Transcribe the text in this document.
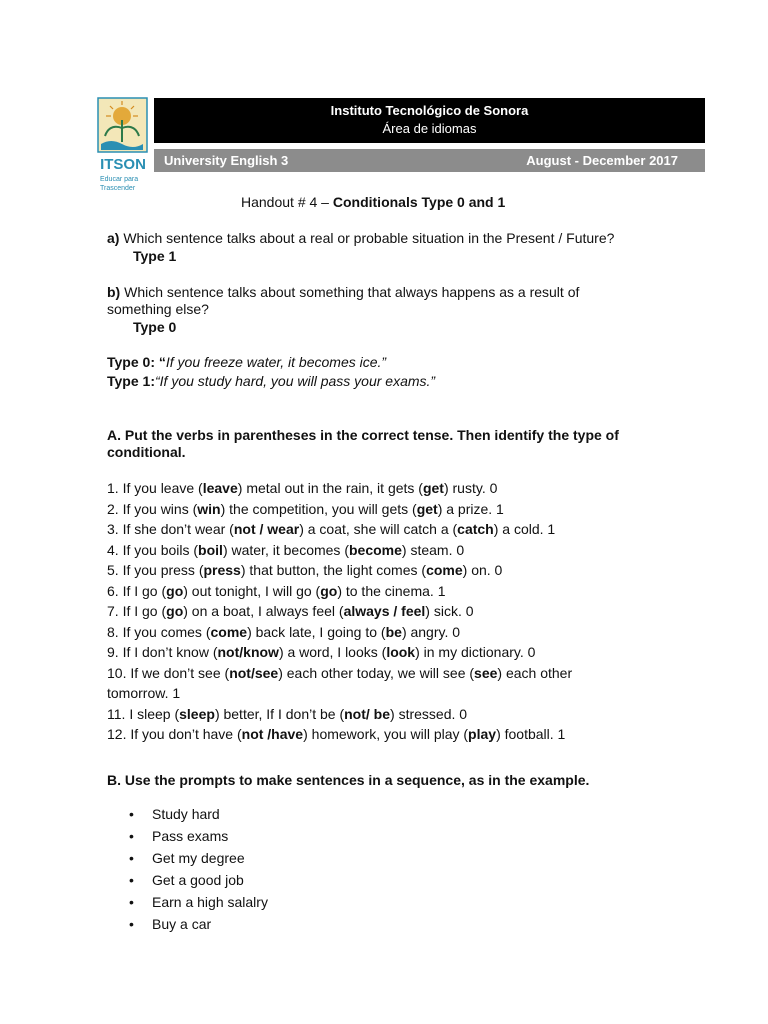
ITSON
Educar para
Trascender
Instituto Tecnológico de Sonora
Área de idiomas
University English 3	August - December 2017
Handout # 4 – Conditionals Type 0 and 1
a) Which sentence talks about a real or probable situation in the Present / Future?
Type 1
b) Which sentence talks about something that always happens as a result of
something else?
Type 0
Type 0: “If you freeze water, it becomes ice.”
Type 1:“If you study hard, you will pass your exams.”
A. Put the verbs in parentheses in the correct tense. Then identify the type of
conditional.
1. If you leave (leave) metal out in the rain, it gets (get) rusty. 0
2. If you wins (win) the competition, you will gets (get) a prize. 1
3. If she don’t wear (not / wear) a coat, she will catch a (catch) a cold. 1
4. If you boils (boil) water, it becomes (become) steam. 0
5. If you press (press) that button, the light comes (come) on. 0
6. If I go (go) out tonight, I will go (go) to the cinema. 1
7. If I go (go) on a boat, I always feel (always / feel) sick. 0
8. If you comes (come) back late, I going to (be) angry. 0
9. If I don’t know (not/know) a word, I looks (look) in my dictionary. 0
10. If we don’t see (not/see) each other today, we will see (see) each other
tomorrow. 1
11. I sleep (sleep) better, If I don’t be (not/ be) stressed. 0
12. If you don’t have (not /have) homework, you will play (play) football. 1
B. Use the prompts to make sentences in a sequence, as in the example.
• Study hard
• Pass exams
• Get my degree
• Get a good job
• Earn a high salalry
• Buy a car
